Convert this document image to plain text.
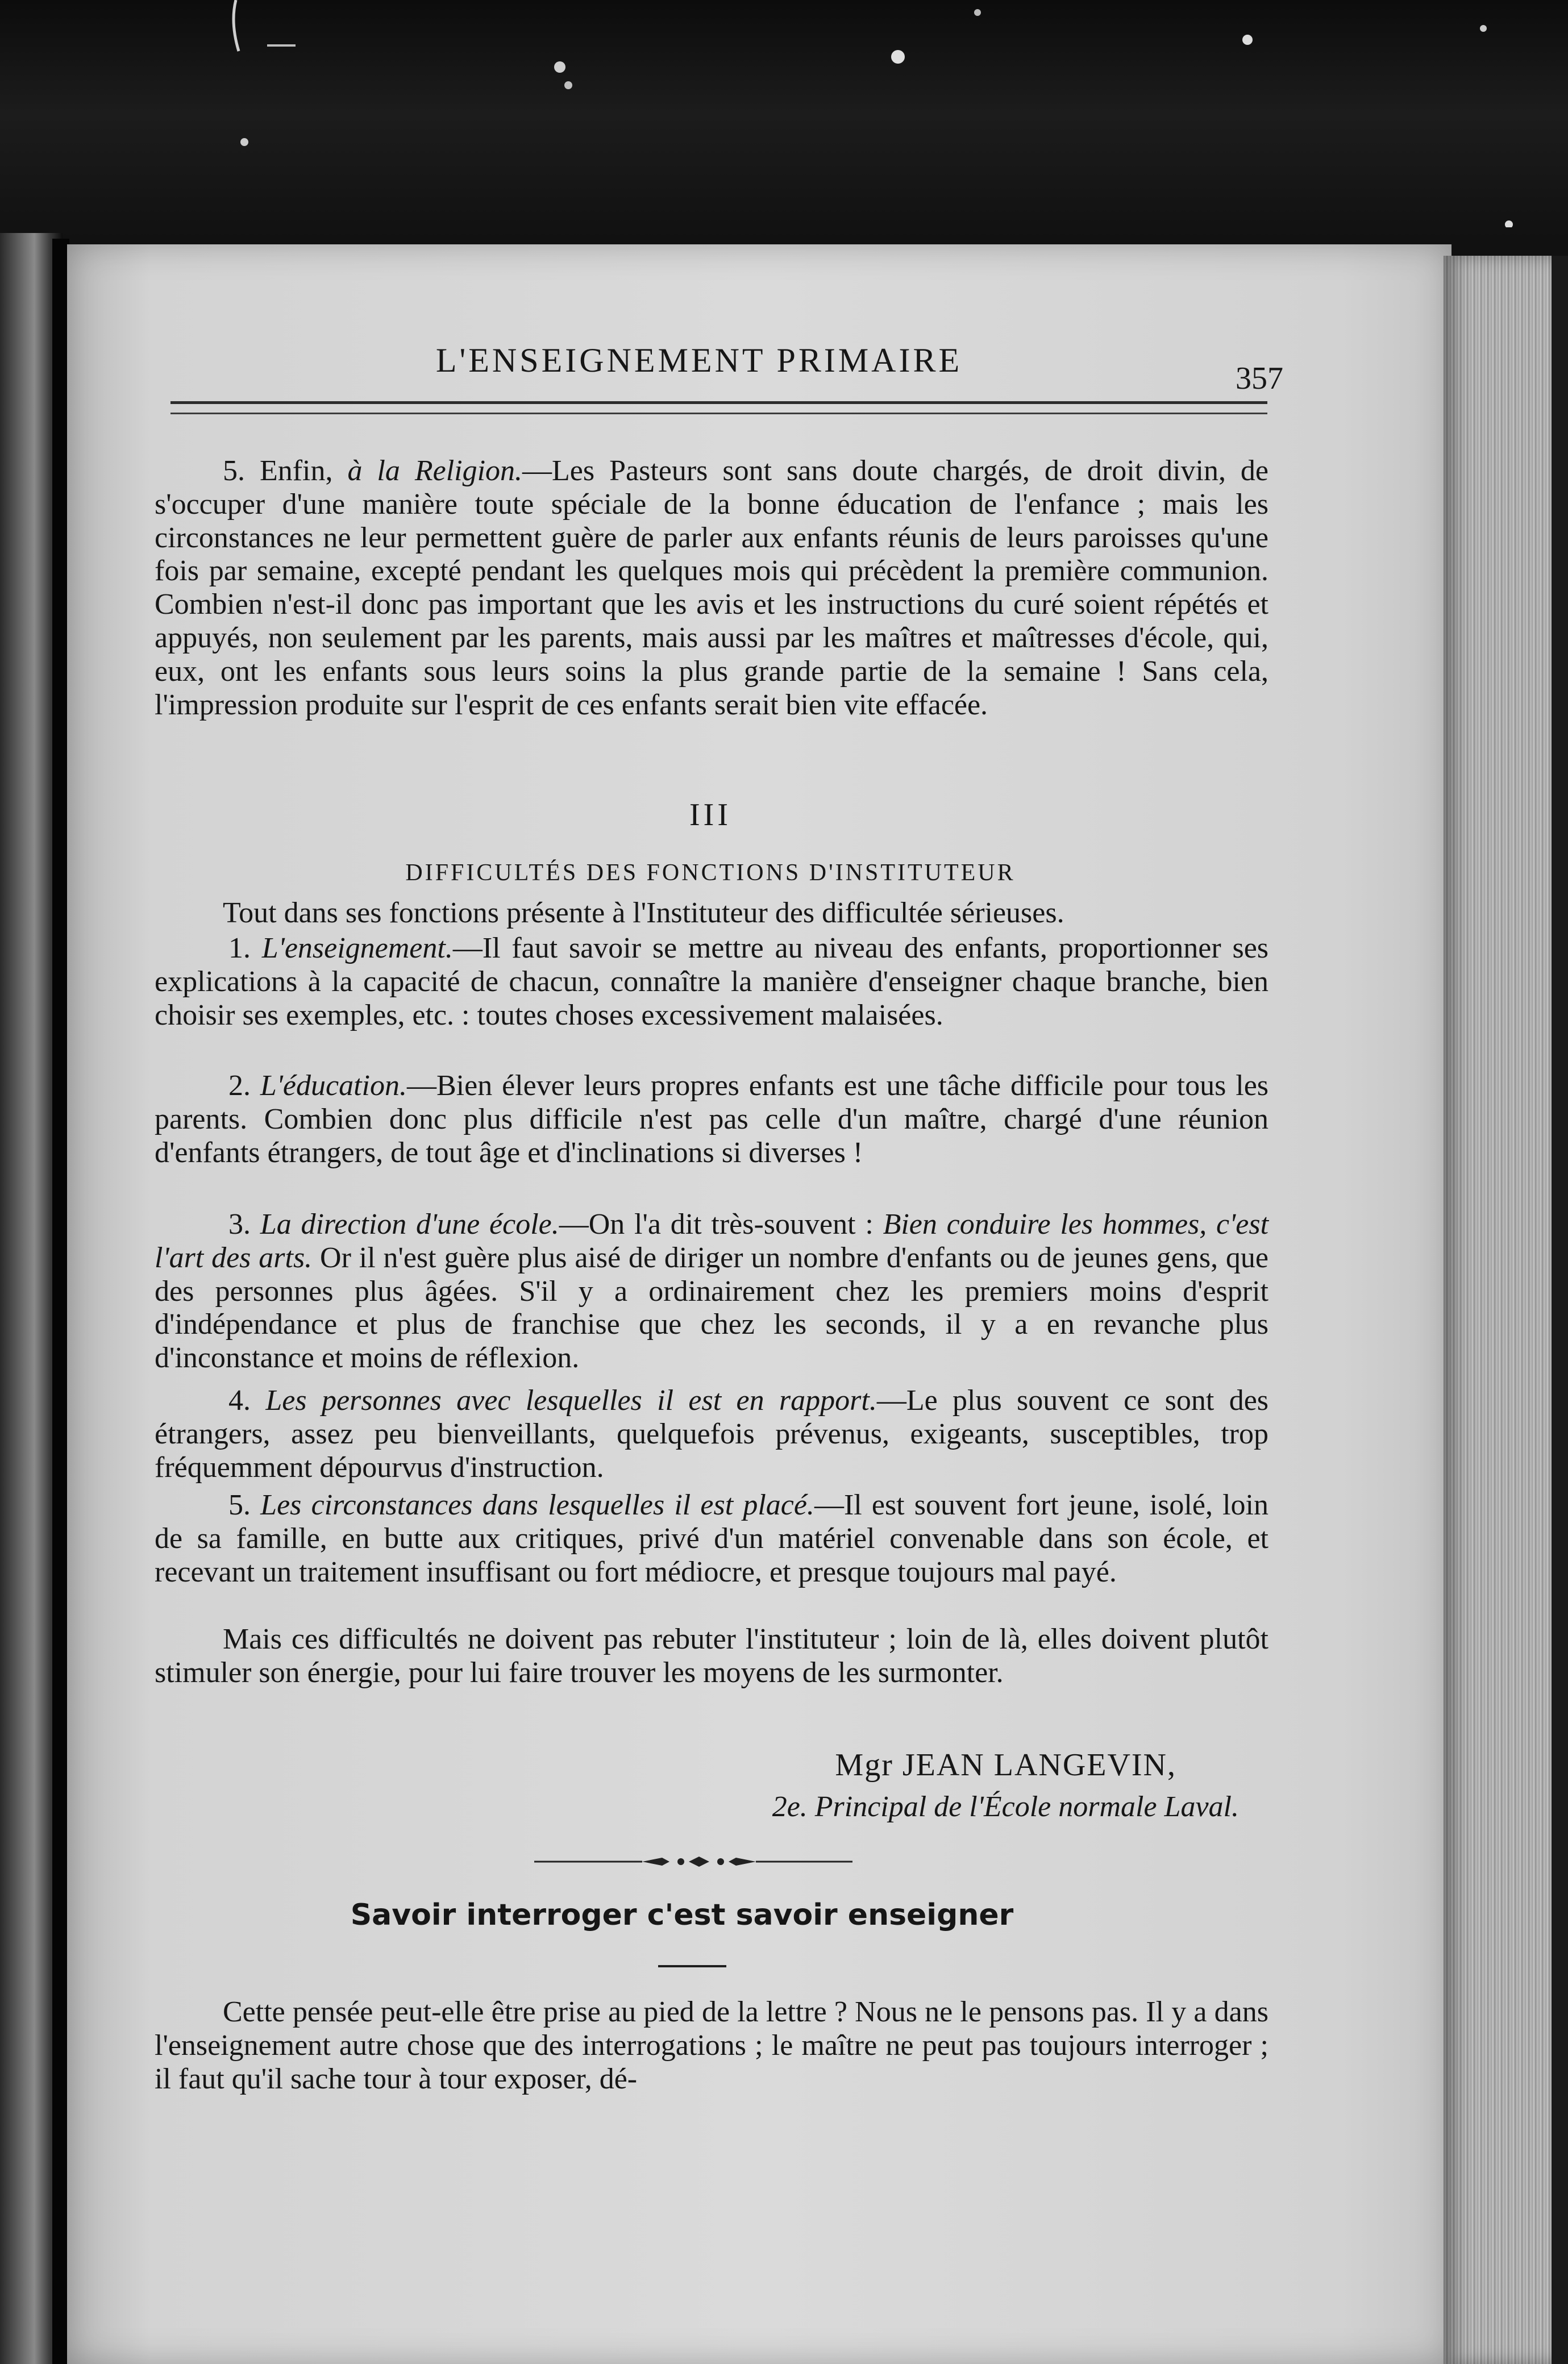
L'ENSEIGNEMENT PRIMAIRE	357
5. Enfin, à la Religion.—Les Pasteurs sont sans doute chargés, de droit divin, de s'occuper d'une manière toute spéciale de la bonne éducation de l'enfance ; mais les circonstances ne leur permettent guère de parler aux enfants réunis de leurs paroisses qu'une fois par semaine, excepté pendant les quelques mois qui précèdent la première communion. Combien n'est-il donc pas important que les avis et les instructions du curé soient répétés et appuyés, non seulement par les parents, mais aussi par les maîtres et maîtresses d'école, qui, eux, ont les enfants sous leurs soins la plus grande partie de la semaine ! Sans cela, l'impression produite sur l'esprit de ces enfants serait bien vite effacée.
III
DIFFICULTÉS DES FONCTIONS D'INSTITUTEUR
Tout dans ses fonctions présente à l'Instituteur des difficultée sérieuses.
1. L'enseignement.—Il faut savoir se mettre au niveau des enfants, proportionner ses explications à la capacité de chacun, connaître la manière d'enseigner chaque branche, bien choisir ses exemples, etc. : toutes choses excessivement malaisées.
2. L'éducation.—Bien élever leurs propres enfants est une tâche difficile pour tous les parents. Combien donc plus difficile n'est pas celle d'un maître, chargé d'une réunion d'enfants étrangers, de tout âge et d'inclinations si diverses !
3. La direction d'une école.—On l'a dit très-souvent : Bien conduire les hommes, c'est l'art des arts. Or il n'est guère plus aisé de diriger un nombre d'enfants ou de jeunes gens, que des personnes plus âgées. S'il y a ordinairement chez les premiers moins d'esprit d'indépendance et plus de franchise que chez les seconds, il y a en revanche plus d'inconstance et moins de réflexion.
4. Les personnes avec lesquelles il est en rapport.—Le plus souvent ce sont des étrangers, assez peu bienveillants, quelquefois prévenus, exigeants, susceptibles, trop fréquemment dépourvus d'instruction.
5. Les circonstances dans lesquelles il est placé.—Il est souvent fort jeune, isolé, loin de sa famille, en butte aux critiques, privé d'un matériel convenable dans son école, et recevant un traitement insuffisant ou fort médiocre, et presque toujours mal payé.
Mais ces difficultés ne doivent pas rebuter l'instituteur ; loin de là, elles doivent plutôt stimuler son énergie, pour lui faire trouver les moyens de les surmonter.
Mgr JEAN LANGEVIN,
2e. Principal de l'École normale Laval.
Savoir interroger c'est savoir enseigner
Cette pensée peut-elle être prise au pied de la lettre ? Nous ne le pensons pas. Il y a dans l'enseignement autre chose que des interrogations ; le maître ne peut pas toujours interroger ; il faut qu'il sache tour à tour exposer, dé-
